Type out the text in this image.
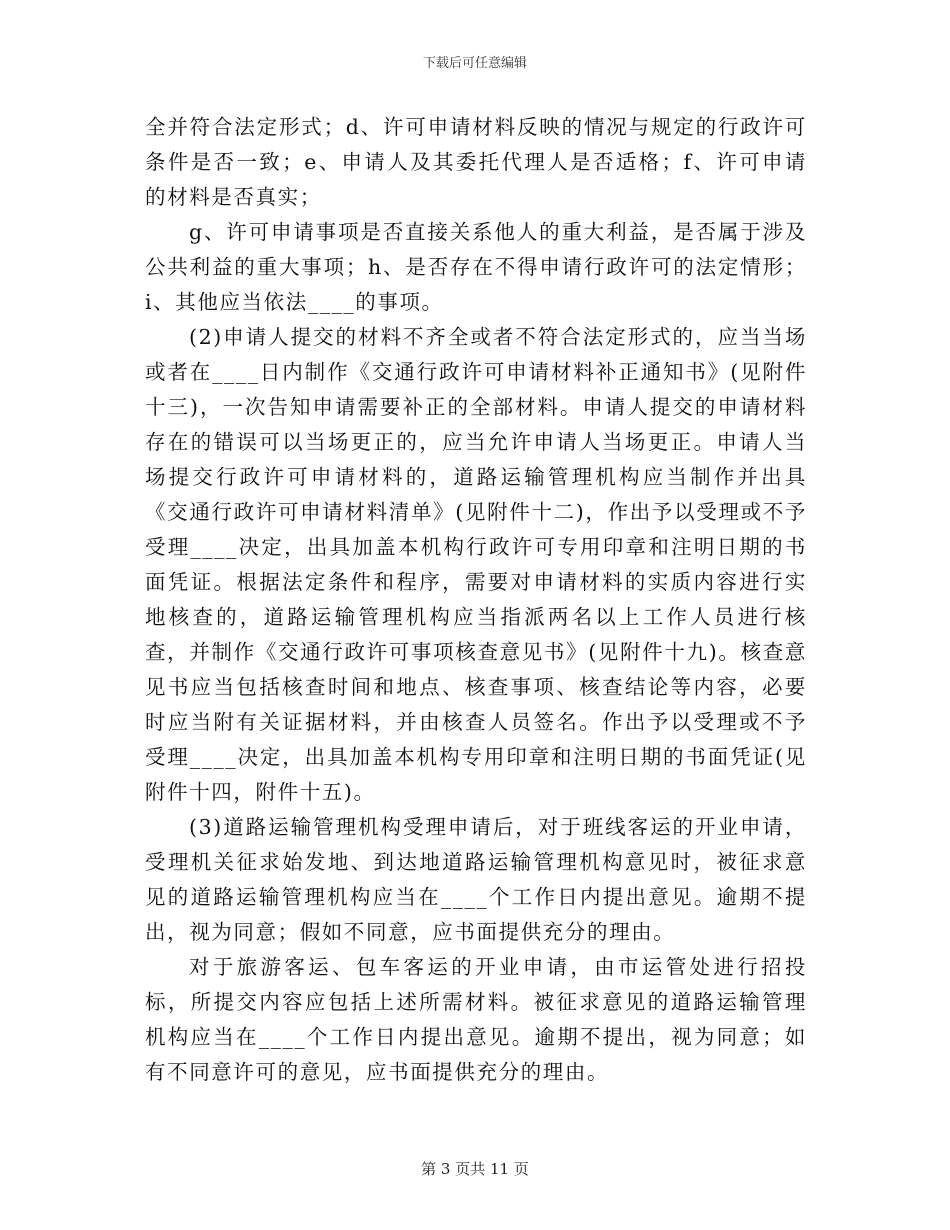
下载后可任意编辑

全并符合法定形式；d、许可申请材料反映的情况与规定的行政许可条件是否一致；e、申请人及其委托代理人是否适格；f、许可申请的材料是否真实；

g、许可申请事项是否直接关系他人的重大利益，是否属于涉及公共利益的重大事项；h、是否存在不得申请行政许可的法定情形；i、其他应当依法____的事项。

(2)申请人提交的材料不齐全或者不符合法定形式的，应当当场或者在____日内制作《交通行政许可申请材料补正通知书》(见附件十三)，一次告知申请需要补正的全部材料。申请人提交的申请材料存在的错误可以当场更正的，应当允许申请人当场更正。申请人当场提交行政许可申请材料的，道路运输管理机构应当制作并出具《交通行政许可申请材料清单》(见附件十二)，作出予以受理或不予受理____决定，出具加盖本机构行政许可专用印章和注明日期的书面凭证。根据法定条件和程序，需要对申请材料的实质内容进行实地核查的，道路运输管理机构应当指派两名以上工作人员进行核查，并制作《交通行政许可事项核查意见书》(见附件十九)。核查意见书应当包括核查时间和地点、核查事项、核查结论等内容，必要时应当附有关证据材料，并由核查人员签名。作出予以受理或不予受理____决定，出具加盖本机构专用印章和注明日期的书面凭证(见附件十四，附件十五)。

(3)道路运输管理机构受理申请后，对于班线客运的开业申请，受理机关征求始发地、到达地道路运输管理机构意见时，被征求意见的道路运输管理机构应当在____个工作日内提出意见。逾期不提出，视为同意；假如不同意，应书面提供充分的理由。

对于旅游客运、包车客运的开业申请，由市运管处进行招投标，所提交内容应包括上述所需材料。被征求意见的道路运输管理机构应当在____个工作日内提出意见。逾期不提出，视为同意；如有不同意许可的意见，应书面提供充分的理由。

第 3 页共 11 页
